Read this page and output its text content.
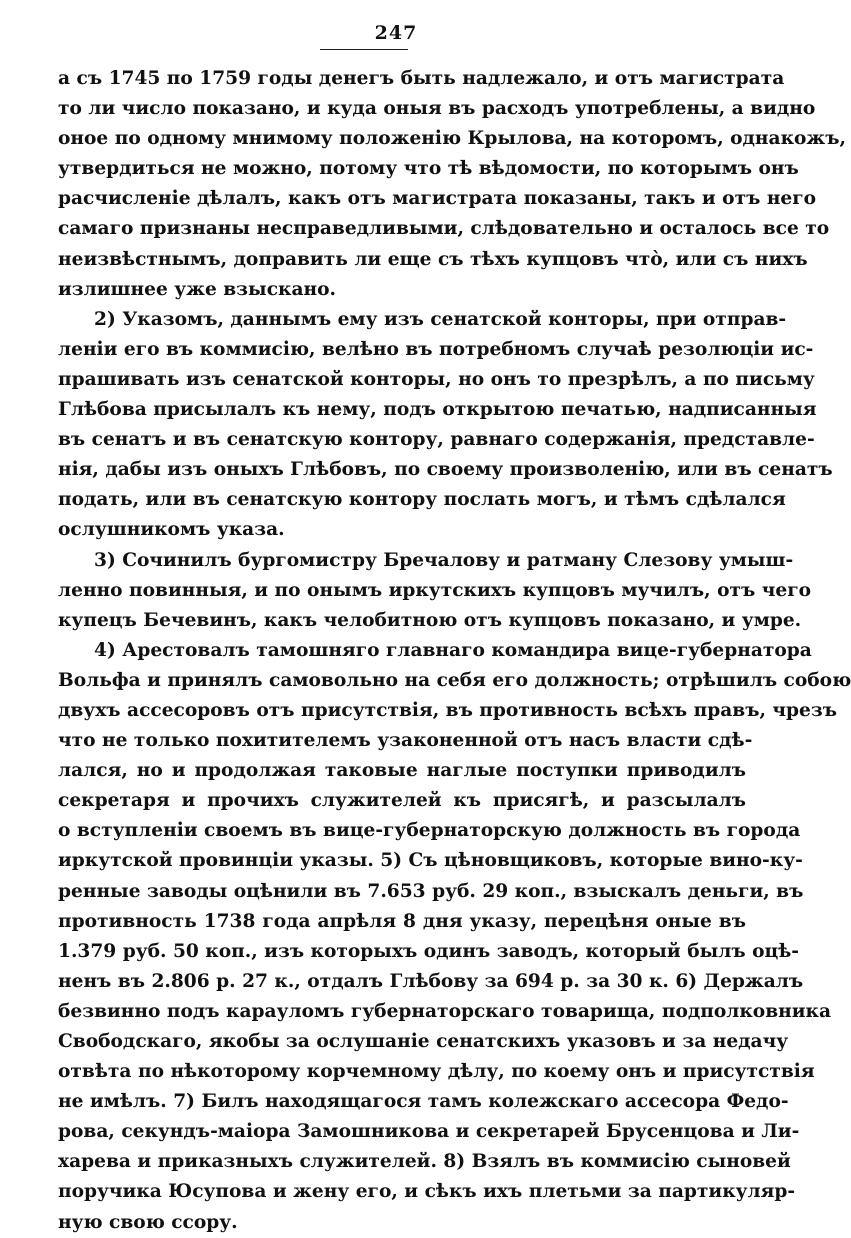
247
а съ 1745 по 1759 годы денегъ быть надлежало, и отъ магистрата
то ли число показано, и куда оныя въ расходъ употреблены, а видно
оное по одному мнимому положенію Крылова, на которомъ, однакожъ,
утвердиться не можно, потому что тѣ вѣдомости, по которымъ онъ
расчисленіе дѣлалъ, какъ отъ магистрата показаны, такъ и отъ него
самаго признаны несправедливыми, слѣдовательно и осталось все то
неизвѣстнымъ, доправить ли еще съ тѣхъ купцовъ что̀, или съ нихъ
излишнее уже взыскано.
2) Указомъ, даннымъ ему изъ сенатской конторы, при отправ-
леніи его въ коммисію, велѣно въ потребномъ случаѣ резолюціи ис-
прашивать изъ сенатской конторы, но онъ то презрѣлъ, а по письму
Глѣбова присылалъ къ нему, подъ открытою печатью, надписанныя
въ сенатъ и въ сенатскую контору, равнаго содержанія, представле-
нія, дабы изъ оныхъ Глѣбовъ, по своему произволенію, или въ сенатъ
подать, или въ сенатскую контору послать могъ, и тѣмъ сдѣлался
ослушникомъ указа.
3) Сочинилъ бургомистру Бречалову и ратману Слезову умыш-
ленно повинныя, и по онымъ иркутскихъ купцовъ мучилъ, отъ чего
купецъ Бечевинъ, какъ челобитною отъ купцовъ показано, и умре.
4) Арестовалъ тамошняго главнаго командира вице-губернатора
Вольфа и принялъ самовольно на себя его должность; отрѣшилъ собою
двухъ ассесоровъ отъ присутствія, въ противность всѣхъ правъ, чрезъ
что не только похитителемъ узаконенной отъ насъ власти сдѣ-
лался, но и продолжая таковые наглые поступки приводилъ
секретаря и прочихъ служителей къ присягѣ, и разсылалъ
о вступленіи своемъ въ вице-губернаторскую должность въ города
иркутской провинціи указы. 5) Съ цѣновщиковъ, которые вино-ку-
ренные заводы оцѣнили въ 7.653 руб. 29 коп., взыскалъ деньги, въ
противность 1738 года апрѣля 8 дня указу, перецѣня оные въ
1.379 руб. 50 коп., изъ которыхъ одинъ заводъ, который былъ оцѣ-
ненъ въ 2.806 р. 27 к., отдалъ Глѣбову за 694 р. за 30 к. 6) Держалъ
безвинно подъ карауломъ губернаторскаго товарища, подполковника
Свободскаго, якобы за ослушаніе сенатскихъ указовъ и за недачу
отвѣта по нѣкоторому корчемному дѣлу, по коему онъ и присутствія
не имѣлъ. 7) Билъ находящагося тамъ колежскаго ассесора Федо-
рова, секундъ-маіора Замошникова и секретарей Брусенцова и Ли-
харева и приказныхъ служителей. 8) Взялъ въ коммисію сыновей
поручика Юсупова и жену его, и сѣкъ ихъ плетьми за партикуляр-
ную свою ссору.
